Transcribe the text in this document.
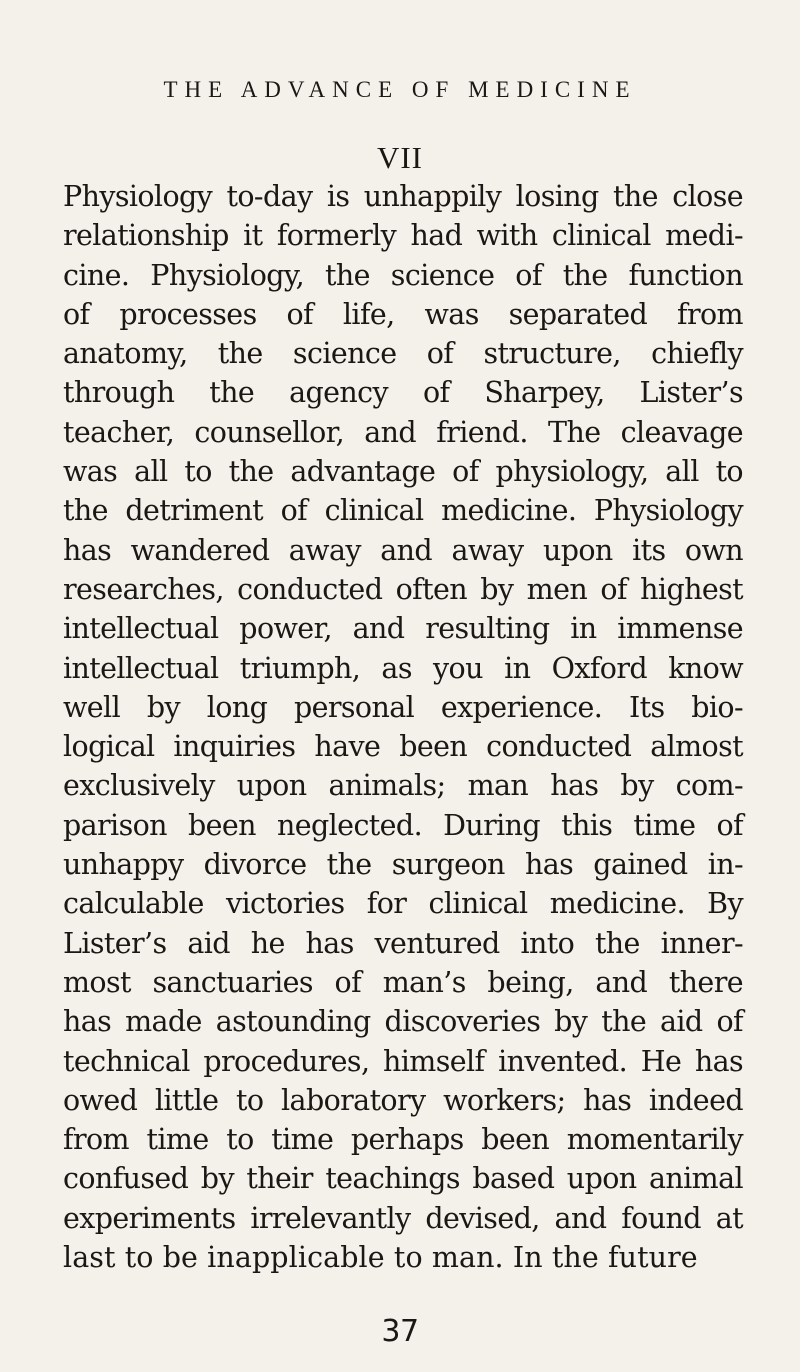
THE ADVANCE OF MEDICINE
VII
Physiology to-day is unhappily losing the close
relationship it formerly had with clinical medi-
cine. Physiology, the science of the function
of processes of life, was separated from
anatomy, the science of structure, chiefly
through the agency of Sharpey, Lister’s
teacher, counsellor, and friend. The cleavage
was all to the advantage of physiology, all to
the detriment of clinical medicine. Physiology
has wandered away and away upon its own
researches, conducted often by men of highest
intellectual power, and resulting in immense
intellectual triumph, as you in Oxford know
well by long personal experience. Its bio-
logical inquiries have been conducted almost
exclusively upon animals; man has by com-
parison been neglected. During this time of
unhappy divorce the surgeon has gained in-
calculable victories for clinical medicine. By
Lister’s aid he has ventured into the inner-
most sanctuaries of man’s being, and there
has made astounding discoveries by the aid of
technical procedures, himself invented. He has
owed little to laboratory workers; has indeed
from time to time perhaps been momentarily
confused by their teachings based upon animal
experiments irrelevantly devised, and found at
last to be inapplicable to man. In the future
37
